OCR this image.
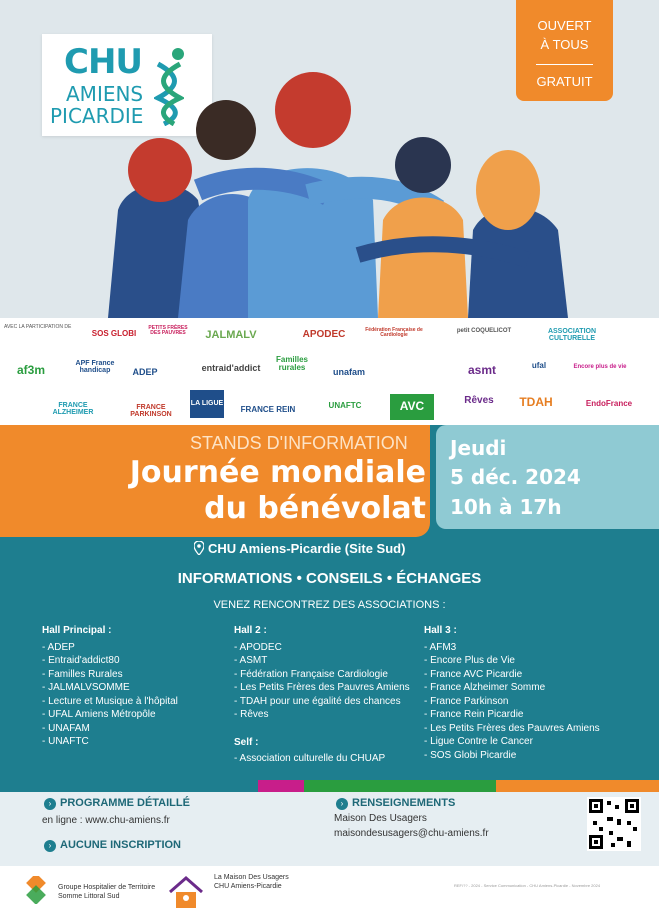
CHU
AMIENS
PICARDIE
OUVERT
À TOUS
GRATUIT
AVEC LA PARTICIPATION DE
SOS GLOBI
PETITS FRÈRES DES PAUVRES	JALMALV	APODEC	Fédération Française de Cardiologie
petit COQUELICOT	ASSOCIATION CULTURELLE
af3m	APF France handicap	ADEP	entraid'addict
Familles rurales	unafam	asmt	ufal	Encore plus de vie
FRANCE ALZHEIMER
FRANCE PARKINSON
LA LIGUE
FRANCE REIN	UNAFTC	AVC	Rêves	TDAH	EndoFrance
STANDS D'INFORMATION
Journée mondiale
du bénévolat
Jeudi
5 déc. 2024
10h à 17h
CHU Amiens-Picardie (Site Sud)
INFORMATIONS • CONSEILS • ÉCHANGES
VENEZ RENCONTREZ DES ASSOCIATIONS :
Hall Principal :
- ADEP
- Entraid'addict80
- Familles Rurales
- JALMALVSOMME
- Lecture et Musique à l'hôpital
- UFAL Amiens Métropôle
- UNAFAM
- UNAFTC
Hall 2 :
- APODEC
- ASMT
- Fédération Française Cardiologie
- Les Petits Frères des Pauvres Amiens
- TDAH pour une égalité des chances
- Rêves
Self :
- Association culturelle du CHUAP
Hall 3 :
- AFM3
- Encore Plus de Vie
- France AVC Picardie
- France Alzheimer Somme
- France Parkinson
- France Rein Picardie
- Les Petits Frères des Pauvres Amiens
- Ligue Contre le Cancer
- SOS Globi Picardie
› PROGRAMME DÉTAILLÉ
en ligne : www.chu-amiens.fr
› AUCUNE INSCRIPTION
› RENSEIGNEMENTS
Maison Des Usagers
maisondesusagers@chu-amiens.fr
Groupe Hospitalier de Territoire
Somme Littoral Sud
La Maison Des Usagers
CHU Amiens-Picardie	REF/?? - 2024 - Service Communication - CHU Amiens-Picardie - Novembre 2024
